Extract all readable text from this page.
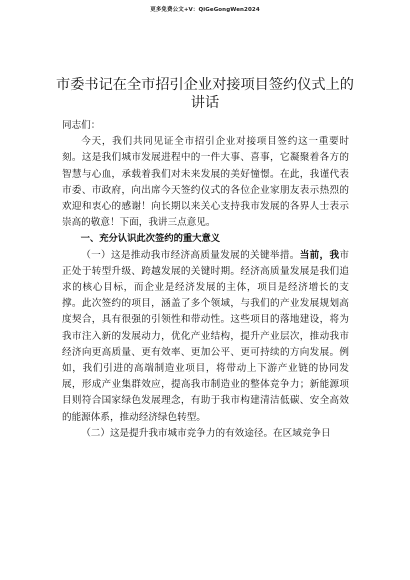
更多免费公文+V：QiGeGongWen2024
市委书记在全市招引企业对接项目签约仪式上的讲话

同志们：

今天，我们共同见证全市招引企业对接项目签约这一重要时刻。这是我们城市发展进程中的一件大事、喜事，它凝聚着各方的智慧与心血，承载着我们对未来发展的美好憧憬。在此，我谨代表市委、市政府，向出席今天签约仪式的各位企业家朋友表示热烈的欢迎和衷心的感谢！向长期以来关心支持我市发展的各界人士表示崇高的敬意！下面，我讲三点意见。

一、充分认识此次签约的重大意义

（一）这是推动我市经济高质量发展的关键举措。当前，我市正处于转型升级、跨越发展的关键时期。经济高质量发展是我们追求的核心目标，而企业是经济发展的主体，项目是经济增长的支撑。此次签约的项目，涵盖了多个领域，与我们的产业发展规划高度契合，具有很强的引领性和带动性。这些项目的落地建设，将为我市注入新的发展动力，优化产业结构，提升产业层次，推动我市经济向更高质量、更有效率、更加公平、更可持续的方向发展。例如，我们引进的高端制造业项目，将带动上下游产业链的协同发展，形成产业集群效应，提高我市制造业的整体竞争力；新能源项目则符合国家绿色发展理念，有助于我市构建清洁低碳、安全高效的能源体系，推动经济绿色转型。

（二）这是提升我市城市竞争力的有效途径。在区域竞争日
